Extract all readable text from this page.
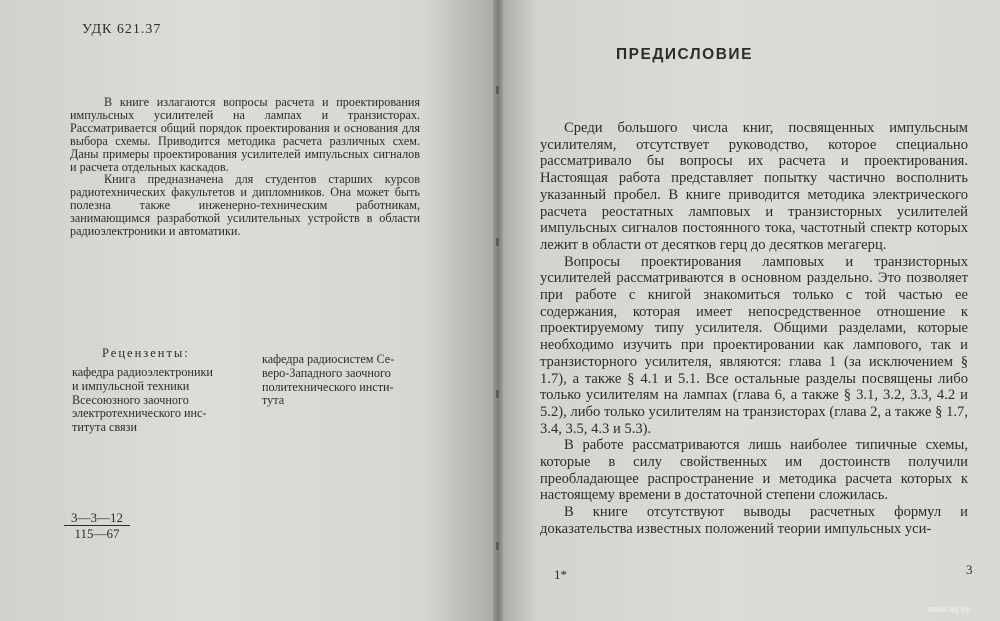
УДК 621.37

В книге излагаются вопросы расчета и проектирования импульсных усилителей на лампах и транзисторах. Рассматривается общий порядок проектирования и основания для выбора схемы. Приводится методика расчета различных схем. Даны примеры проектирования усилителей импульсных сигналов и расчета отдельных каскадов.

Книга предназначена для студентов старших курсов радиотехнических факультетов и дипломников. Она может быть полезна также инженерно-техническим работникам, занимающимся разработкой усилительных устройств в области радиоэлектроники и автоматики.

Рецензенты:
кафедра радиоэлектроники
и импульсной техники
Всесоюзного заочного
электротехнического инс-
титута связи
кафедра радиосистем Се-
веро-Западного заочного
политехнического инсти-
тута
$\frac{3—3—12}{115—67}$
ПРЕДИСЛОВИЕ

Среди большого числа книг, посвященных импульсным усилителям, отсутствует руководство, которое специально рассматривало бы вопросы их расчета и проектирования. Настоящая работа представляет попытку частично восполнить указанный пробел. В книге приводится методика электрического расчета реостатных ламповых и транзисторных усилителей импульсных сигналов постоянного тока, частотный спектр которых лежит в области от десятков герц до десятков мегагерц.

Вопросы проектирования ламповых и транзисторных усилителей рассматриваются в основном раздельно. Это позволяет при работе с книгой знакомиться только с той частью ее содержания, которая имеет непосредственное отношение к проектируемому типу усилителя. Общими разделами, которые необходимо изучить при проектировании как лампового, так и транзисторного усилителя, являются: глава 1 (за исключением § 1.7), а также § 4.1 и 5.1. Все остальные разделы посвящены либо только усилителям на лампах (глава 6, а также § 3.1, 3.2, 3.3, 4.2 и 5.2), либо только усилителям на транзисторах (глава 2, а также § 1.7, 3.4, 3.5, 4.3 и 5.3).

В работе рассматриваются лишь наиболее типичные схемы, которые в силу свойственных им достоинств получили преобладающее распространение и методика расчета которых к настоящему времени в достаточной степени сложилась.

В книге отсутствуют выводы расчетных формул и доказательства известных положений теории импульсных уси-

1*	3
www.ay.by
